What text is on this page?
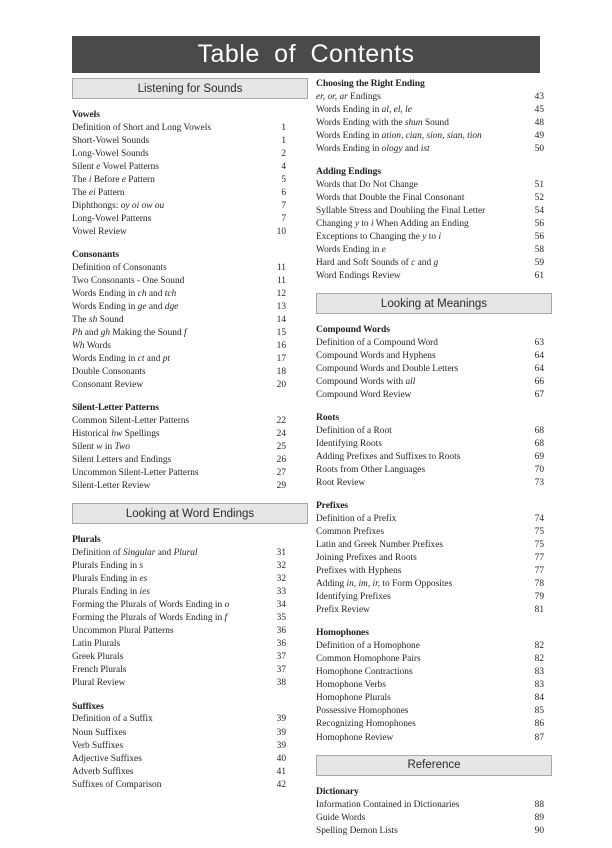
Table of Contents
Listening for Sounds
Vowels
Definition of Short and Long Vowels	1
Short-Vowel Sounds	1
Long-Vowel Sounds	2
Silent e Vowel Patterns	4
The i Before e Pattern	5
The ei Pattern	6
Diphthongs: oy oi ow ou	7
Long-Vowel Patterns	7
Vowel Review	10
Consonants
Definition of Consonants	11
Two Consonants - One Sound	11
Words Ending in ch and tch	12
Words Ending in ge and dge	13
The sh Sound	14
Ph and gh Making the Sound f	15
Wh Words	16
Words Ending in ct and pt	17
Double Consonants	18
Consonant Review	20
Silent-Letter Patterns
Common Silent-Letter Patterns	22
Historical hw Spellings	24
Silent w in Two	25
Silent Letters and Endings	26
Uncommon Silent-Letter Patterns	27
Silent-Letter Review	29
Looking at Word Endings
Plurals
Definition of Singular and Plural	31
Plurals Ending in s	32
Plurals Ending in es	32
Plurals Ending in ies	33
Forming the Plurals of Words Ending in o	34
Forming the Plurals of Words Ending in f	35
Uncommon Plural Patterns	36
Latin Plurals	36
Greek Plurals	37
French Plurals	37
Plural Review	38
Suffixes
Definition of a Suffix	39
Noun Suffixes	39
Verb Suffixes	39
Adjective Suffixes	40
Adverb Suffixes	41
Suffixes of Comparison	42
Choosing the Right Ending
er, or, ar Endings	43
Words Ending in al, el, le	45
Words Ending with the shun Sound	48
Words Ending in ation, cian, sion, sian, tion	49
Words Ending in ology and ist	50
Adding Endings
Words that Do Not Change	51
Words that Double the Final Consonant	52
Syllable Stress and Doubling the Final Letter	54
Changing y to i When Adding an Ending	56
Exceptions to Changing the y to i	56
Words Ending in e	58
Hard and Soft Sounds of c and g	59
Word Endings Review	61
Looking at Meanings
Compound Words
Definition of a Compound Word	63
Compound Words and Hyphens	64
Compound Words and Double Letters	64
Compound Words with all	66
Compound Word Review	67
Roots
Definition of a Root	68
Identifying Roots	68
Adding Prefixes and Suffixes to Roots	69
Roots from Other Languages	70
Root Review	73
Prefixes
Definition of a Prefix	74
Common Prefixes	75
Latin and Greek Number Prefixes	75
Joining Prefixes and Roots	77
Prefixes with Hyphens	77
Adding in, im, ir, to Form Opposites	78
Identifying Prefixes	79
Prefix Review	81
Homophones
Definition of a Homophone	82
Common Homophone Pairs	82
Homophone Contractions	83
Homophone Verbs	83
Homophone Plurals	84
Possessive Homophones	85
Recognizing Homophones	86
Homophone Review	87
Reference
Dictionary
Information Contained in Dictionaries	88
Guide Words	89
Spelling Demon Lists	90
